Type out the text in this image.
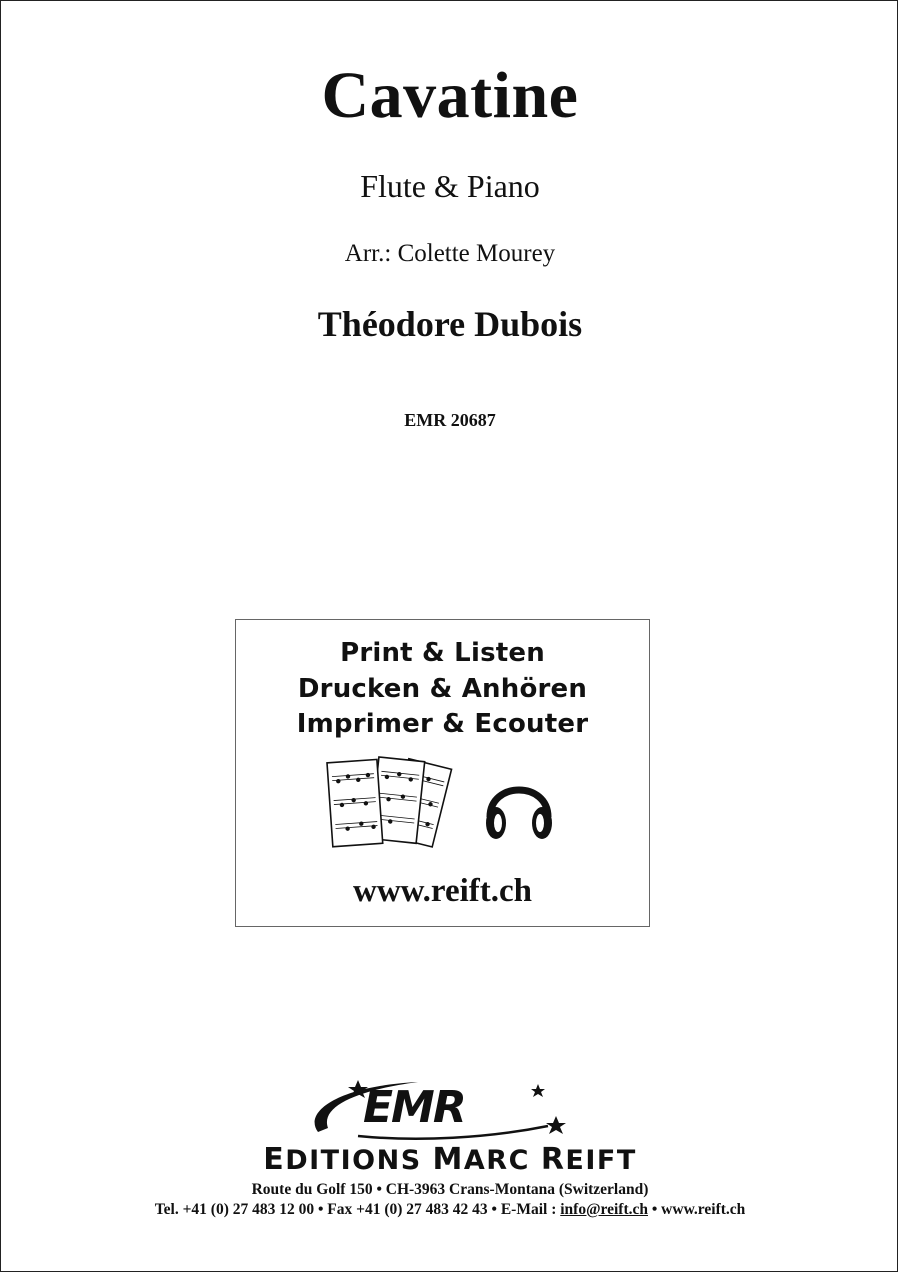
Cavatine
Flute & Piano
Arr.: Colette Mourey
Théodore Dubois
EMR 20687
Print & Listen
Drucken & Anhören
Imprimer & Ecouter
www.reift.ch
EMR
EDITIONS MARC REIFT
Route du Golf 150 • CH-3963 Crans-Montana (Switzerland)
Tel. +41 (0) 27 483 12 00 • Fax +41 (0) 27 483 42 43 • E-Mail : info@reift.ch • www.reift.ch
